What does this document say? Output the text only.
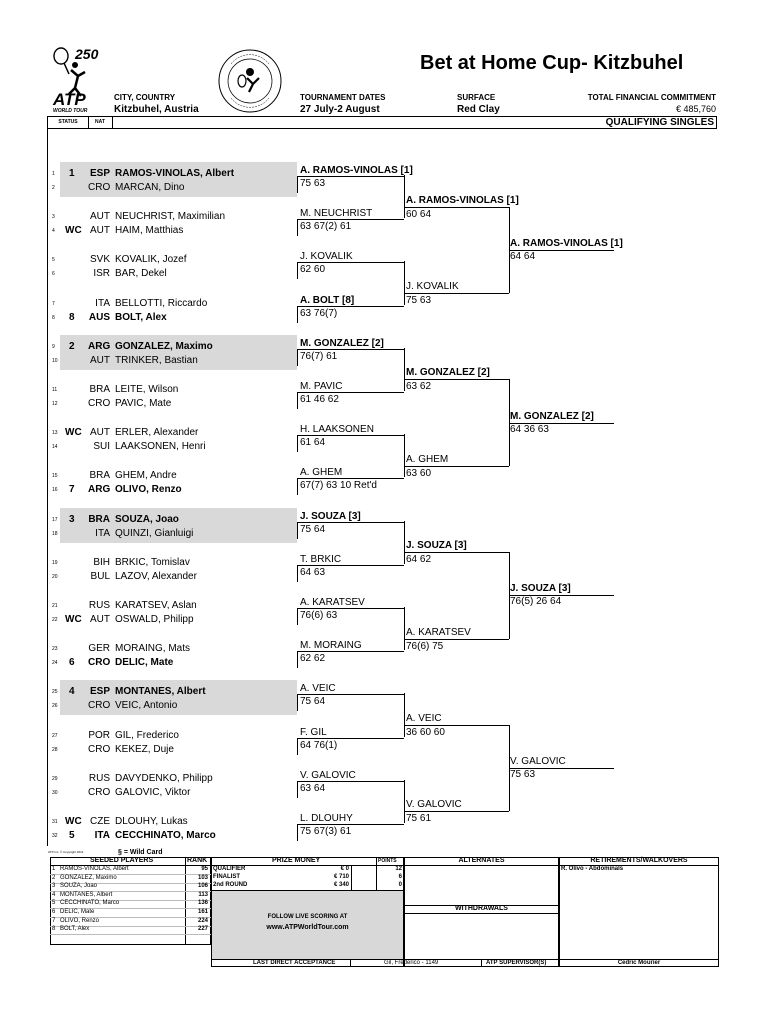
250
ATP
WORLD TOUR
Bet at Home Cup- Kitzbuhel
CITY, COUNTRY
Kitzbuhel, Austria
TOURNAMENT DATES
27 July-2 August
SURFACE
Red Clay
TOTAL FINANCIAL COMMITMENT
€ 485,760
STATUS	NAT	QUALIFYING SINGLES
1 1 ESP RAMOS-VINOLAS, Albert
2	CRO MARCAN, Dino
3	AUT NEUCHRIST, Maximilian
4 WC AUT HAIM, Matthias
5	SVK KOVALIK, Jozef
6	ISR BAR, Dekel
7	ITA BELLOTTI, Riccardo
8 8 AUS BOLT, Alex
9 2 ARG GONZALEZ, Maximo
10	AUT TRINKER, Bastian
11	BRA LEITE, Wilson
12	CRO PAVIC, Mate
13 WC AUT ERLER, Alexander
14	SUI LAAKSONEN, Henri
15	BRA GHEM, Andre
16 7 ARG OLIVO, Renzo
17 3 BRA SOUZA, Joao
18	ITA QUINZI, Gianluigi
19	BIH BRKIC, Tomislav
20	BUL LAZOV, Alexander
21	RUS KARATSEV, Aslan
22 WC AUT OSWALD, Philipp
23	GER MORAING, Mats
24 6 CRO DELIC, Mate
25 4 ESP MONTANES, Albert
26	CRO VEIC, Antonio
27	POR GIL, Frederico
28	CRO KEKEZ, Duje
29	RUS DAVYDENKO, Philipp
30	CRO GALOVIC, Viktor
31 WC CZE DLOUHY, Lukas
32 5	ITA CECCHINATO, Marco
A. RAMOS-VINOLAS [1]
75 63
M. NEUCHRIST
63 67(2) 61
J. KOVALIK
62 60
A. BOLT [8]
63 76(7)
M. GONZALEZ [2]
76(7) 61
M. PAVIC
61 46 62
H. LAAKSONEN
61 64
A. GHEM
67(7) 63 10 Ret'd
J. SOUZA [3]
75 64
T. BRKIC
64 63
A. KARATSEV
76(6) 63
M. MORAING
62 62
A. VEIC
75 64
F. GIL
64 76(1)
V. GALOVIC
63 64
L. DLOUHY
75 67(3) 61
A. RAMOS-VINOLAS [1]
60 64
J. KOVALIK
75 63
M. GONZALEZ [2]
63 62
A. GHEM
63 60
J. SOUZA [3]
64 62
A. KARATSEV
76(6) 75
A. VEIC
36 60 60
V. GALOVIC
75 61
A. RAMOS-VINOLAS [1]
64 64
M. GONZALEZ [2]
64 36 63
J. SOUZA [3]
76(5) 26 64
V. GALOVIC
75 63
ATP Inc. © Copyright 2014	§ = Wild Card
SEEDED PLAYERS	RANK
1 RAMOS-VINOLAS, Albert	95
2 GONZALEZ, Maximo	103
3 SOUZA, Joao	106
4 MONTANES, Albert	113
5 CECCHINATO, Marco	136
6 DELIC, Mate	161
7 OLIVO, Renzo	224
8 BOLT, Alex	227
PRIZE MONEY	POINTS
QUALIFIER	€ 0	12
FINALIST	€ 710	6
2nd ROUND	€ 340	0
FOLLOW LIVE SCORING AT
www.ATPWorldTour.com
ALTERNATES
WITHDRAWALS
RETIREMENTS/WALKOVERS
R. Olivo - Abdominals
LAST DIRECT ACCEPTANCE	Gil, Frederico - 1149	ATP SUPERVISOR(S)	Cedric Mourier
